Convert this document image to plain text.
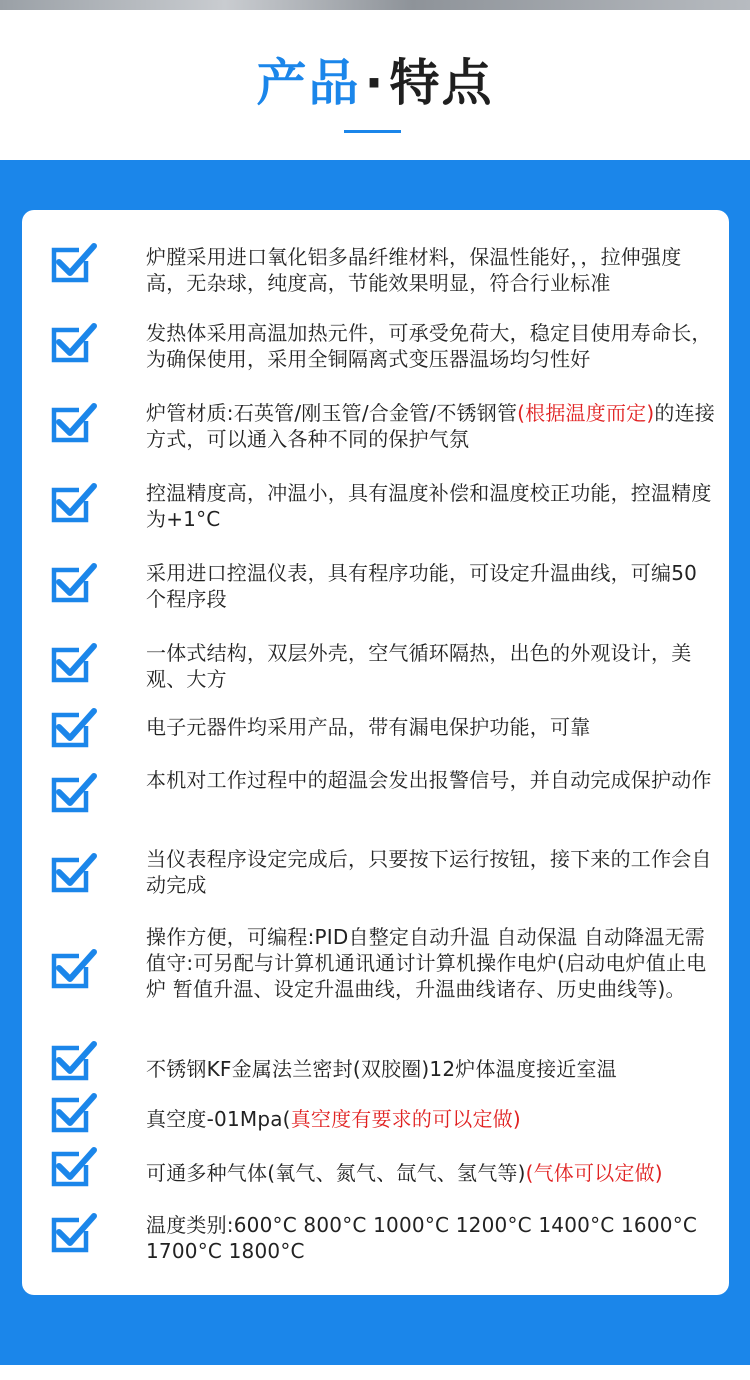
产品·特点
炉膛采用进口氧化铝多晶纤维材料，保温性能好，，拉伸强度高，无杂球，纯度高，节能效果明显，符合行业标准
发热体采用高温加热元件，可承受免荷大，稳定目使用寿命长，为确保使用，采用全铜隔离式变压器温场均匀性好
炉管材质:石英管/刚玉管/合金管/不锈钢管(根据温度而定)的连接方式，可以通入各种不同的保护气氛
控温精度高，冲温小，具有温度补偿和温度校正功能，控温精度为+1°C
采用进口控温仪表，具有程序功能，可设定升温曲线，可编50个程序段
一体式结构，双层外壳，空气循环隔热，出色的外观设计，美观、大方
电子元器件均采用产品，带有漏电保护功能，可靠
本机对工作过程中的超温会发出报警信号，并自动完成保护动作
当仪表程序设定完成后，只要按下运行按钮，接下来的工作会自动完成
操作方便，可编程:PID自整定自动升温 自动保温 自动降温无需值守:可另配与计算机通讯通讨计算机操作电炉(启动电炉值止电炉 暂值升温、设定升温曲线，升温曲线诸存、历史曲线等)。
不锈钢KF金属法兰密封(双胶圈)12炉体温度接近室温
真空度-01Mpa(真空度有要求的可以定做)
可通多种气体(氧气、氮气、氙气、氢气等)(气体可以定做)
温度类别:600°C 800°C 1000°C 1200°C 1400°C 1600°C 1700°C 1800°C
